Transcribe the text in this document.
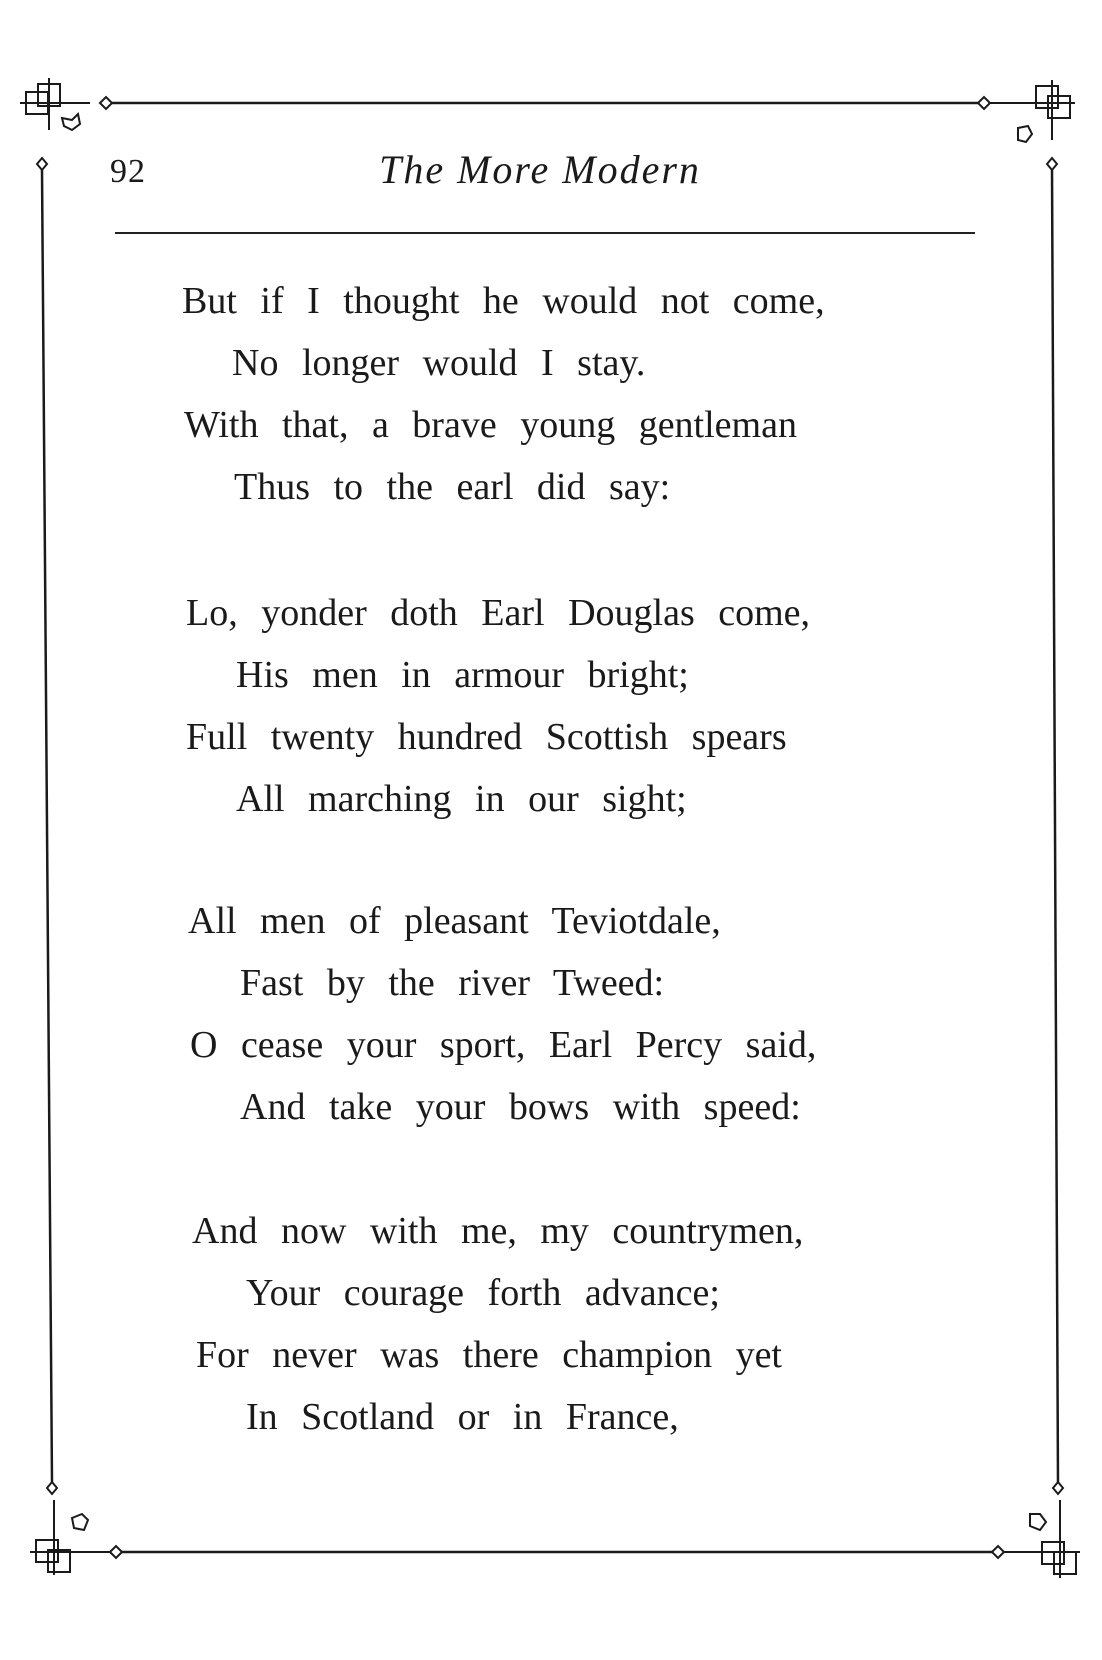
92	The More Modern
But if I thought he would not come,
No longer would I stay.
With that, a brave young gentleman
Thus to the earl did say:
Lo, yonder doth Earl Douglas come,
His men in armour bright;
Full twenty hundred Scottish spears
All marching in our sight;
All men of pleasant Teviotdale,
Fast by the river Tweed:
O cease your sport, Earl Percy said,
And take your bows with speed:
And now with me, my countrymen,
Your courage forth advance;
For never was there champion yet
In Scotland or in France,
